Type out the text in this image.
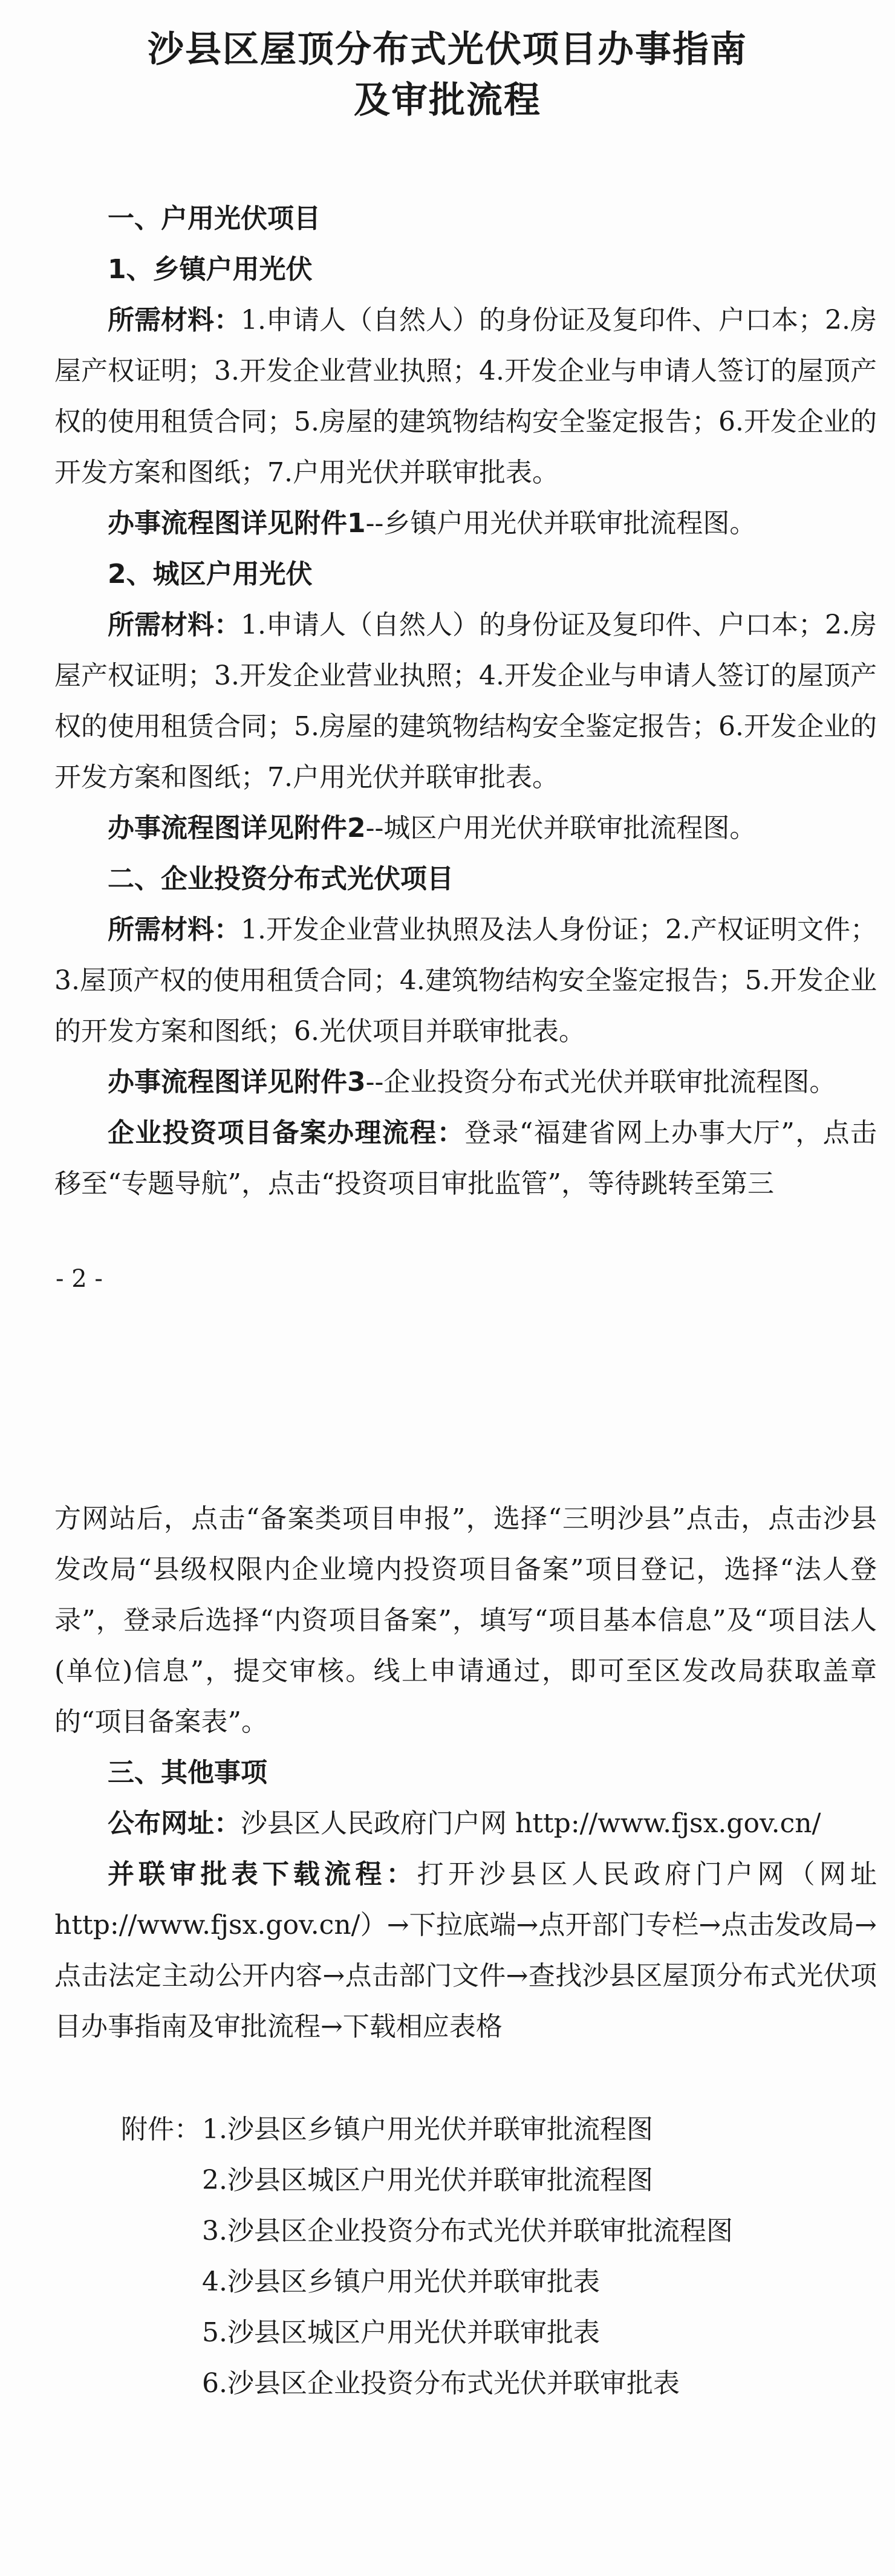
沙县区屋顶分布式光伏项目办事指南
及审批流程

一、户用光伏项目

1、乡镇户用光伏

所需材料：1.申请人（自然人）的身份证及复印件、户口本；2.房屋产权证明；3.开发企业营业执照；4.开发企业与申请人签订的屋顶产权的使用租赁合同；5.房屋的建筑物结构安全鉴定报告；6.开发企业的开发方案和图纸；7.户用光伏并联审批表。

办事流程图详见附件1--乡镇户用光伏并联审批流程图。

2、城区户用光伏

所需材料：1.申请人（自然人）的身份证及复印件、户口本；2.房屋产权证明；3.开发企业营业执照；4.开发企业与申请人签订的屋顶产权的使用租赁合同；5.房屋的建筑物结构安全鉴定报告；6.开发企业的开发方案和图纸；7.户用光伏并联审批表。

办事流程图详见附件2--城区户用光伏并联审批流程图。

二、企业投资分布式光伏项目

所需材料：1.开发企业营业执照及法人身份证；2.产权证明文件；3.屋顶产权的使用租赁合同；4.建筑物结构安全鉴定报告；5.开发企业的开发方案和图纸；6.光伏项目并联审批表。

办事流程图详见附件3--企业投资分布式光伏并联审批流程图。

企业投资项目备案办理流程：登录“福建省网上办事大厅”，点击移至“专题导航”，点击“投资项目审批监管”，等待跳转至第三

- 2 -

方网站后，点击“备案类项目申报”，选择“三明沙县”点击，点击沙县发改局“县级权限内企业境内投资项目备案”项目登记，选择“法人登录”，登录后选择“内资项目备案”，填写“项目基本信息”及“项目法人(单位)信息”，提交审核。线上申请通过，即可至区发改局获取盖章的“项目备案表”。

三、其他事项

公布网址：沙县区人民政府门户网 http://www.fjsx.gov.cn/

并联审批表下载流程：打开沙县区人民政府门户网（网址http://www.fjsx.gov.cn/）→下拉底端→点开部门专栏→点击发改局→点击法定主动公开内容→点击部门文件→查找沙县区屋顶分布式光伏项目办事指南及审批流程→下载相应表格

附件：1.沙县区乡镇户用光伏并联审批流程图
2.沙县区城区户用光伏并联审批流程图
3.沙县区企业投资分布式光伏并联审批流程图
4.沙县区乡镇户用光伏并联审批表
5.沙县区城区户用光伏并联审批表
6.沙县区企业投资分布式光伏并联审批表
